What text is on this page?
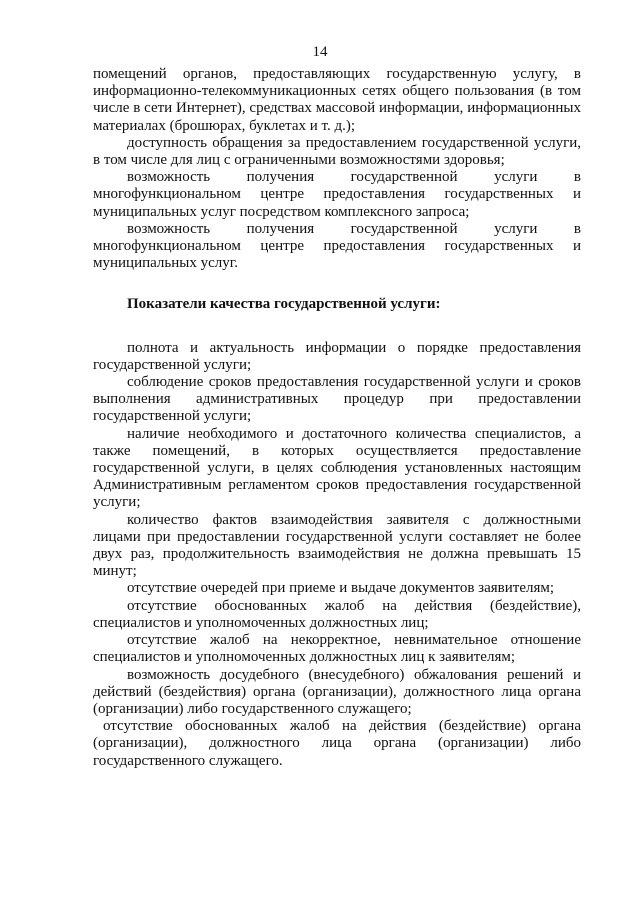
14

помещений органов, предоставляющих государственную услугу, в информационно-телекоммуникационных сетях общего пользования (в том числе в сети Интернет), средствах массовой информации, информационных материалах (брошюрах, буклетах и т. д.);

доступность обращения за предоставлением государственной услуги, в том числе для лиц с ограниченными возможностями здоровья;

возможность получения государственной услуги в многофункциональном центре предоставления государственных и муниципальных услуг посредством комплексного запроса;

возможность получения государственной услуги в многофункциональном центре предоставления государственных и муниципальных услуг.

Показатели качества государственной услуги:

полнота и актуальность информации о порядке предоставления государственной услуги;

соблюдение сроков предоставления государственной услуги и сроков выполнения административных процедур при предоставлении государственной услуги;

наличие необходимого и достаточного количества специалистов, а также помещений, в которых осуществляется предоставление государственной услуги, в целях соблюдения установленных настоящим Административным регламентом сроков предоставления государственной услуги;

количество фактов взаимодействия заявителя с должностными лицами при предоставлении государственной услуги составляет не более двух раз, продолжительность взаимодействия не должна превышать 15 минут;

отсутствие очередей при приеме и выдаче документов заявителям;

отсутствие обоснованных жалоб на действия (бездействие), специалистов и уполномоченных должностных лиц;

отсутствие жалоб на некорректное, невнимательное отношение специалистов и уполномоченных должностных лиц к заявителям;

возможность досудебного (внесудебного) обжалования решений и действий (бездействия) органа (организации), должностного лица органа (организации) либо государственного служащего;

отсутствие обоснованных жалоб на действия (бездействие) органа (организации), должностного лица органа (организации) либо государственного служащего.
